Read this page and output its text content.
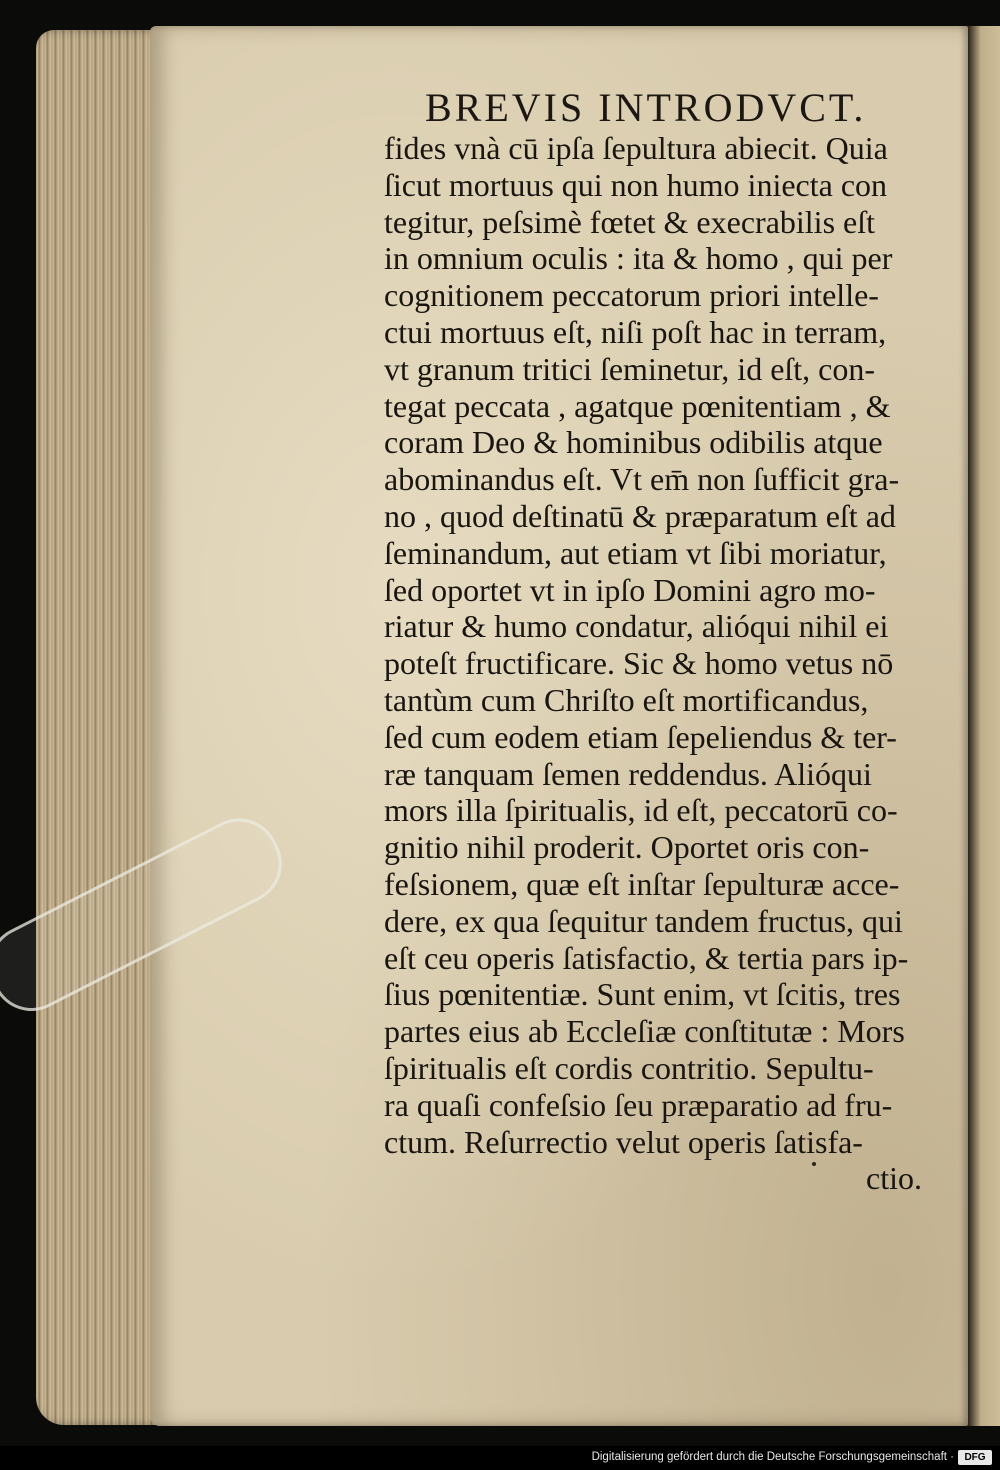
BREVIS INTRODVCT.
fides vnà cū ipſa ſepultura abiecit. Quia
ſicut mortuus qui non humo iniecta con
tegitur, peſsimè fœtet & execrabilis eſt
in omnium oculis : ita & homo , qui per
cognitionem peccatorum priori intelle-
ctui mortuus eſt, niſi poſt hac in terram,
vt granum tritici ſeminetur, id eſt, con-
tegat peccata , agatque pœnitentiam , &
coram Deo & hominibus odibilis atque
abominandus eſt. Vt em̄ non ſufficit gra-
no , quod deſtinatū & præparatum eſt ad
ſeminandum, aut etiam vt ſibi moriatur,
ſed oportet vt in ipſo Domini agro mo-
riatur & humo condatur, alióqui nihil ei
poteſt fructificare. Sic & homo vetus nō
tantùm cum Chriſto eſt mortificandus,
ſed cum eodem etiam ſepeliendus & ter-
ræ tanquam ſemen reddendus. Alióqui
mors illa ſpiritualis, id eſt, peccatorū co-
gnitio nihil proderit. Oportet oris con-
feſsionem, quæ eſt inſtar ſepulturæ acce-
dere, ex qua ſequitur tandem fructus, qui
eſt ceu operis ſatisfactio, & tertia pars ip-
ſius pœnitentiæ. Sunt enim, vt ſcitis, tres
partes eius ab Eccleſiæ conſtitutæ : Mors
ſpiritualis eſt cordis contritio. Sepultu-
ra quaſi confeſsio ſeu præparatio ad fru-
ctum. Reſurrectio velut operis ſatisfa-
ctio.
Digitalisierung gefördert durch die Deutsche Forschungsgemeinschaft ·	DFG
